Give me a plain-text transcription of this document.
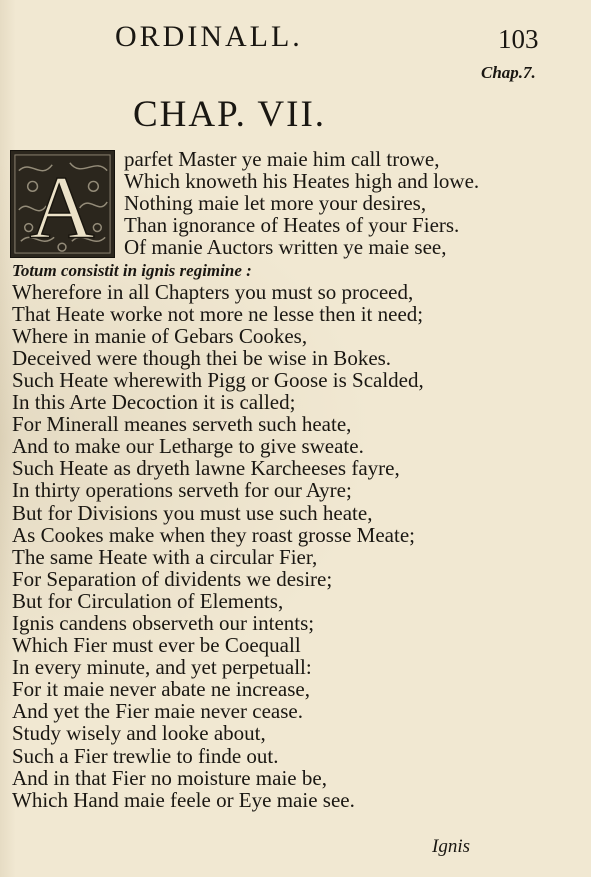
ORDINALL.	103
Chap.7.
CHAP. VII.
A	parfet Master ye maie him call trowe,
Which knoweth his Heates high and lowe.
Nothing maie let more your desires,
Than ignorance of Heates of your Fiers.
Of manie Auctors written ye maie see,
Totum consistit in ignis regimine :
Wherefore in all Chapters you must so proceed,
That Heate worke not more ne lesse then it need;
Where in manie of Gebars Cookes,
Deceived were though thei be wise in Bokes.
Such Heate wherewith Pigg or Goose is Scalded,
In this Arte Decoction it is called;
For Minerall meanes serveth such heate,
And to make our Letharge to give sweate.
Such Heate as dryeth lawne Karcheeses fayre,
In thirty operations serveth for our Ayre;
But for Divisions you must use such heate,
As Cookes make when they roast grosse Meate;
The same Heate with a circular Fier,
For Separation of dividents we desire;
But for Circulation of Elements,
Ignis candens observeth our intents;
Which Fier must ever be Coequall
In every minute, and yet perpetuall:
For it maie never abate ne increase,
And yet the Fier maie never cease.
Study wisely and looke about,
Such a Fier trewlie to finde out.
And in that Fier no moisture maie be,
Which Hand maie feele or Eye maie see.
Ignis
